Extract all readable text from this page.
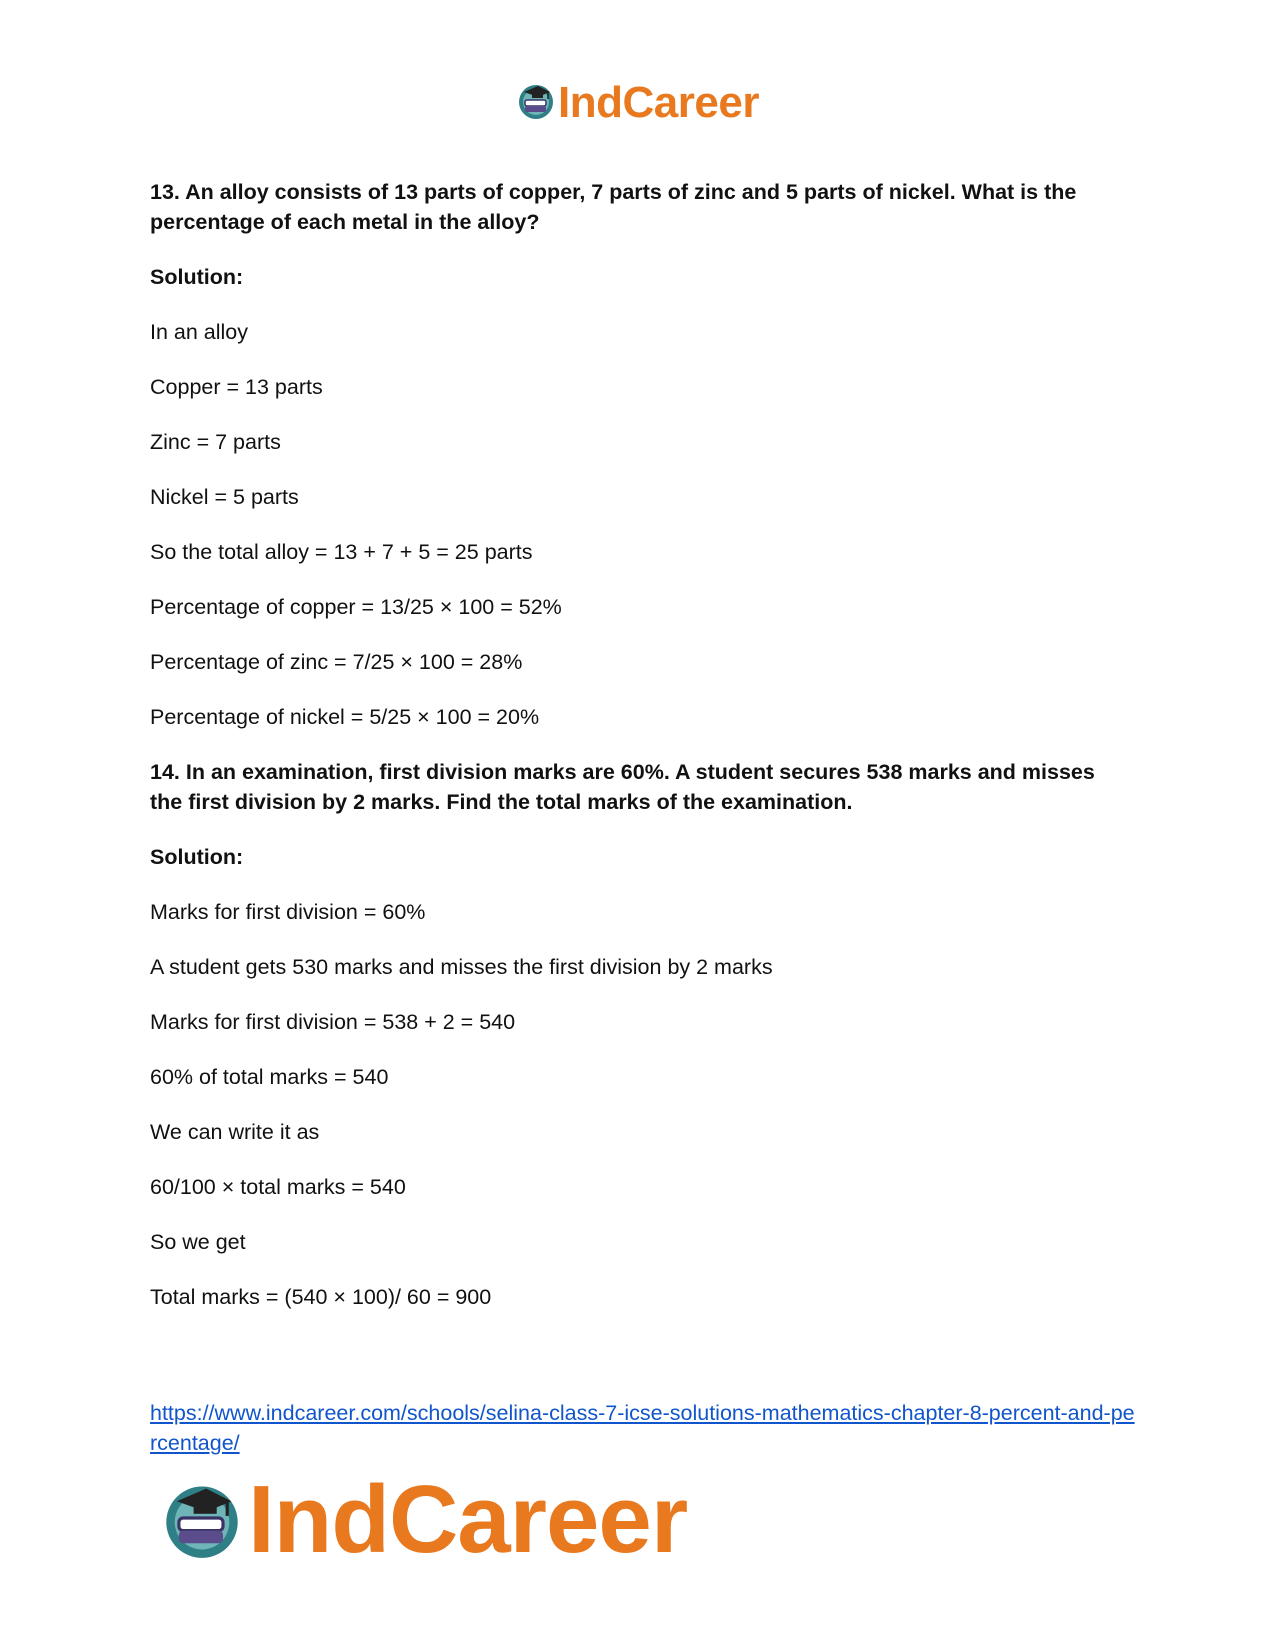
IndCareer
13. An alloy consists of 13 parts of copper, 7 parts of zinc and 5 parts of nickel. What is the percentage of each metal in the alloy?
Solution:
In an alloy
Copper = 13 parts
Zinc = 7 parts
Nickel = 5 parts
So the total alloy = 13 + 7 + 5 = 25 parts
Percentage of copper = 13/25 × 100 = 52%
Percentage of zinc = 7/25 × 100 = 28%
Percentage of nickel = 5/25 × 100 = 20%
14. In an examination, first division marks are 60%. A student secures 538 marks and misses the first division by 2 marks. Find the total marks of the examination.
Solution:
Marks for first division = 60%
A student gets 530 marks and misses the first division by 2 marks
Marks for first division = 538 + 2 = 540
60% of total marks = 540
We can write it as
60/100 × total marks = 540
So we get
Total marks = (540 × 100)/ 60 = 900
https://www.indcareer.com/schools/selina-class-7-icse-solutions-mathematics-chapter-8-percent-and-percentage/
IndCareer
